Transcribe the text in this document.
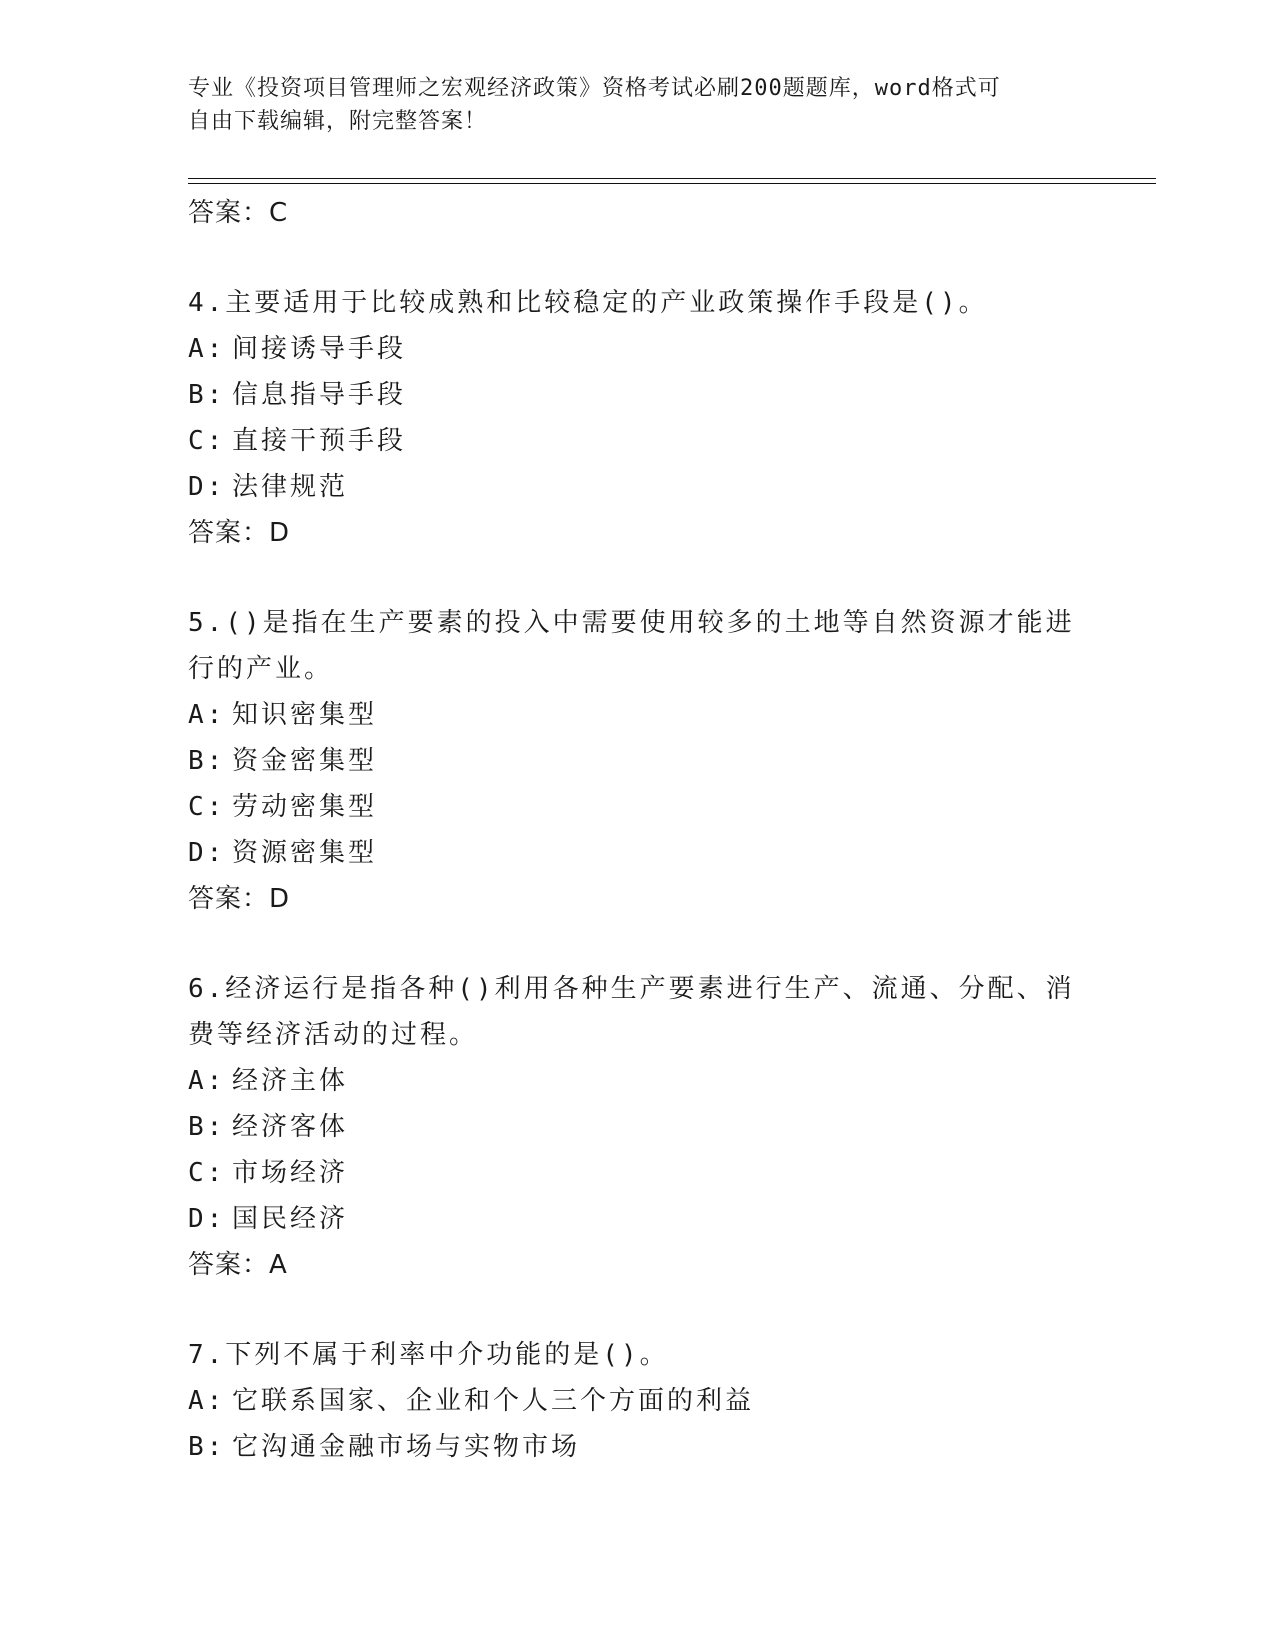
专业《投资项目管理师之宏观经济政策》资格考试必刷200题题库，word格式可
自由下载编辑，附完整答案！
答案：C
4.主要适用于比较成熟和比较稳定的产业政策操作手段是()。
A: 间接诱导手段
B: 信息指导手段
C: 直接干预手段
D: 法律规范
答案：D
5.()是指在生产要素的投入中需要使用较多的土地等自然资源才能进
行的产业。
A: 知识密集型
B: 资金密集型
C: 劳动密集型
D: 资源密集型
答案：D
6.经济运行是指各种()利用各种生产要素进行生产、流通、分配、消
费等经济活动的过程。
A: 经济主体
B: 经济客体
C: 市场经济
D: 国民经济
答案：A
7.下列不属于利率中介功能的是()。
A: 它联系国家、企业和个人三个方面的利益
B: 它沟通金融市场与实物市场
